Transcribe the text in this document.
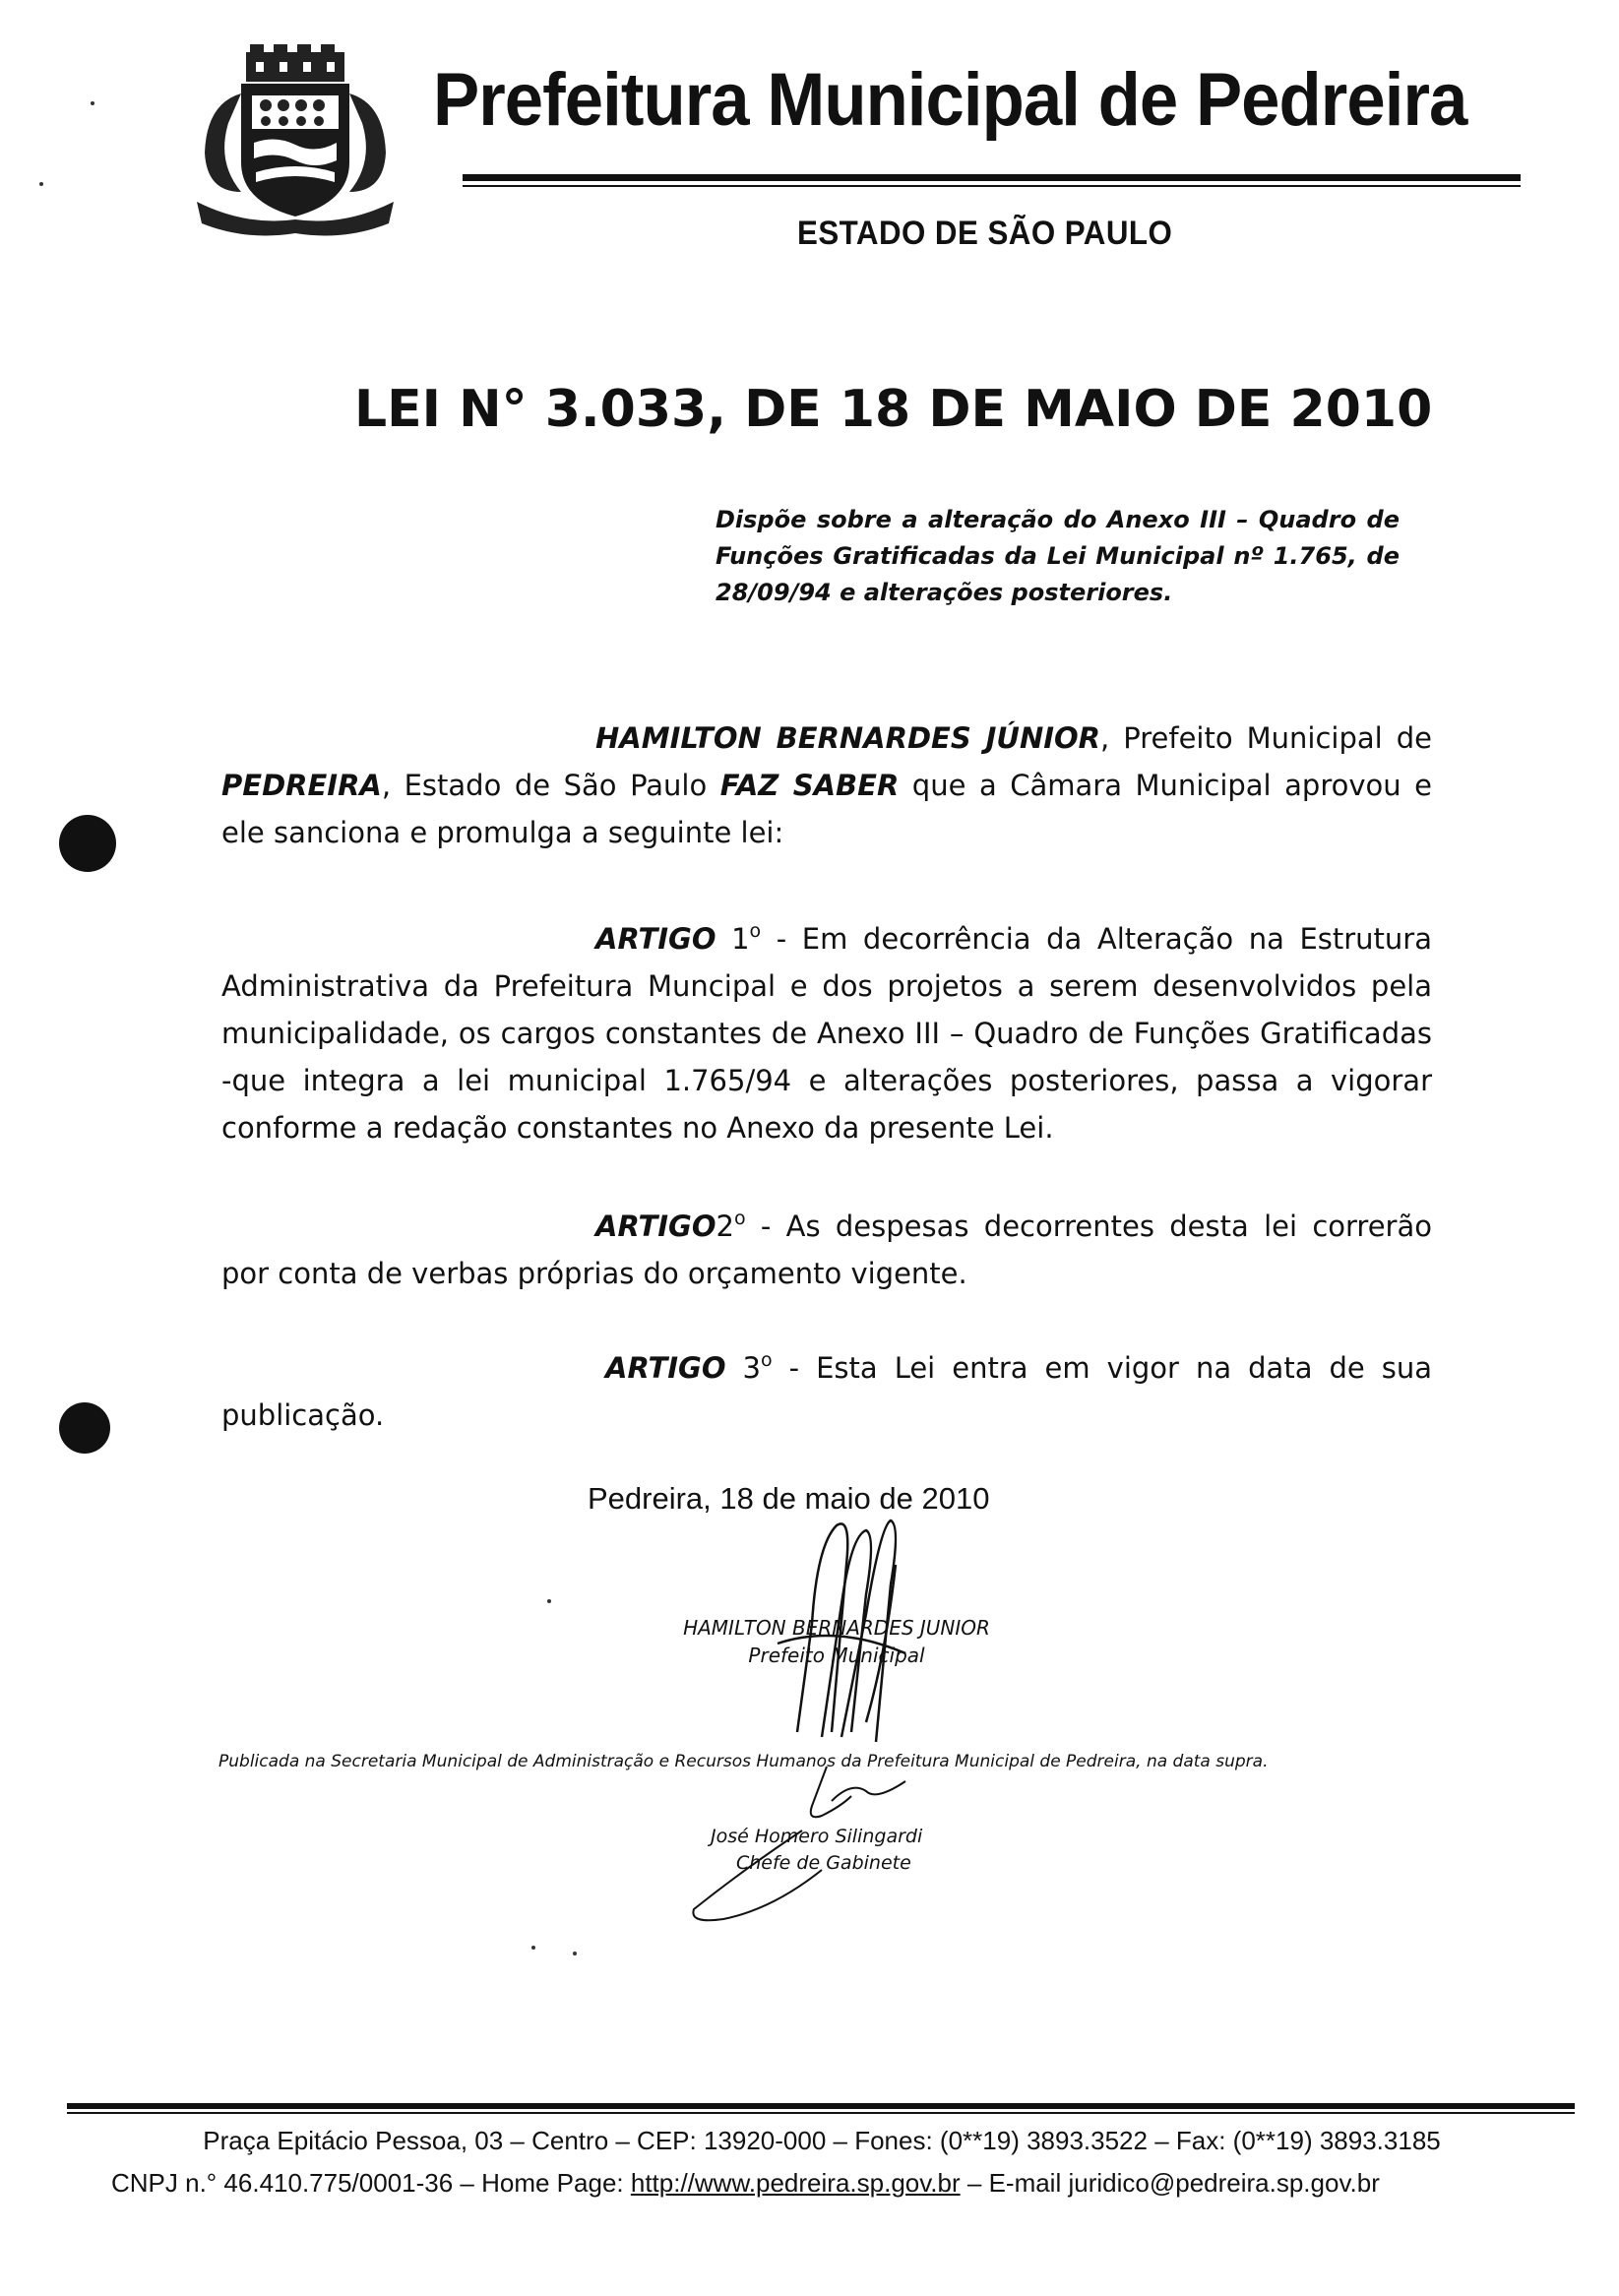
Prefeitura Municipal de Pedreira
ESTADO DE SÃO PAULO
LEI N° 3.033, DE 18 DE MAIO DE 2010
Dispõe sobre a alteração do Anexo III – Quadro de Funções Gratificadas da Lei Municipal nº 1.765, de 28/09/94 e alterações posteriores.
HAMILTON BERNARDES JÚNIOR, Prefeito Municipal de PEDREIRA, Estado de São Paulo FAZ SABER que a Câmara Municipal aprovou e ele sanciona e promulga a seguinte lei:
ARTIGO 1$^o$ - Em decorrência da Alteração na Estrutura Administrativa da Prefeitura Muncipal e dos projetos a serem desenvolvidos pela municipalidade, os cargos constantes de Anexo III – Quadro de Funções Gratificadas -que integra a lei municipal 1.765/94 e alterações posteriores, passa a vigorar conforme a redação constantes no Anexo da presente Lei.
ARTIGO2$^o$ - As despesas decorrentes desta lei correrão por conta de verbas próprias do orçamento vigente.
ARTIGO 3$^o$ - Esta Lei entra em vigor na data de sua publicação.
Pedreira, 18 de maio de 2010
HAMILTON BERNARDES JUNIOR
Prefeito Municipal
Publicada na Secretaria Municipal de Administração e Recursos Humanos da Prefeitura Municipal de Pedreira, na data supra.
José Homero Silingardi
Chefe de Gabinete
Praça Epitácio Pessoa, 03 – Centro – CEP: 13920-000 – Fones: (0**19) 3893.3522 – Fax: (0**19) 3893.3185
CNPJ n.° 46.410.775/0001-36 – Home Page: http://www.pedreira.sp.gov.br – E-mail juridico@pedreira.sp.gov.br
